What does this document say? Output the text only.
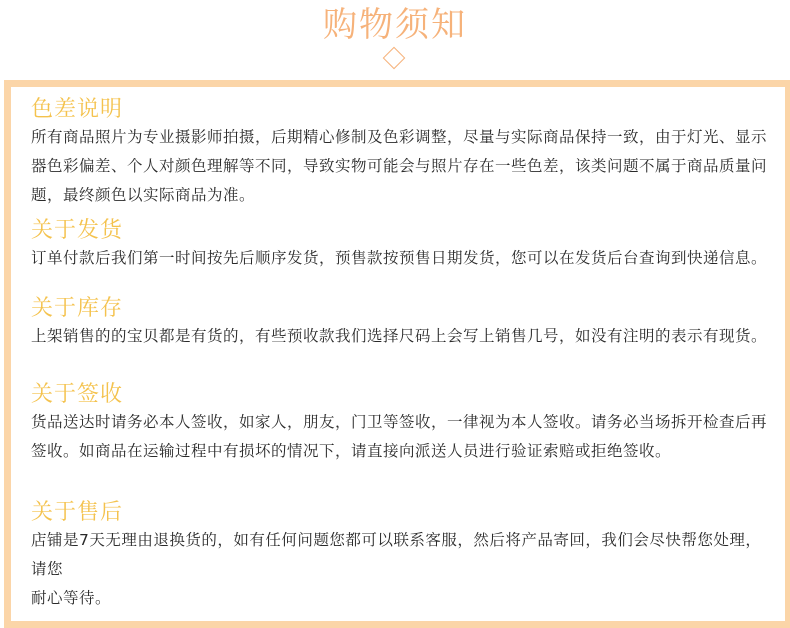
购物须知
色差说明
所有商品照片为专业摄影师拍摄，后期精心修制及色彩调整，尽量与实际商品保持一致，由于灯光、显示器色彩偏差、个人对颜色理解等不同，导致实物可能会与照片存在一些色差，该类问题不属于商品质量问题，最终颜色以实际商品为准。
关于发货
订单付款后我们第一时间按先后顺序发货，预售款按预售日期发货，您可以在发货后台查询到快递信息。
关于库存
上架销售的的宝贝都是有货的，有些预收款我们选择尺码上会写上销售几号，如没有注明的表示有现货。
关于签收
货品送达时请务必本人签收，如家人，朋友，门卫等签收，一律视为本人签收。请务必当场拆开检查后再签收。如商品在运输过程中有损坏的情况下，请直接向派送人员进行验证索赔或拒绝签收。
关于售后
店铺是7天无理由退换货的，如有任何问题您都可以联系客服，然后将产品寄回，我们会尽快帮您处理，请您
耐心等待。
